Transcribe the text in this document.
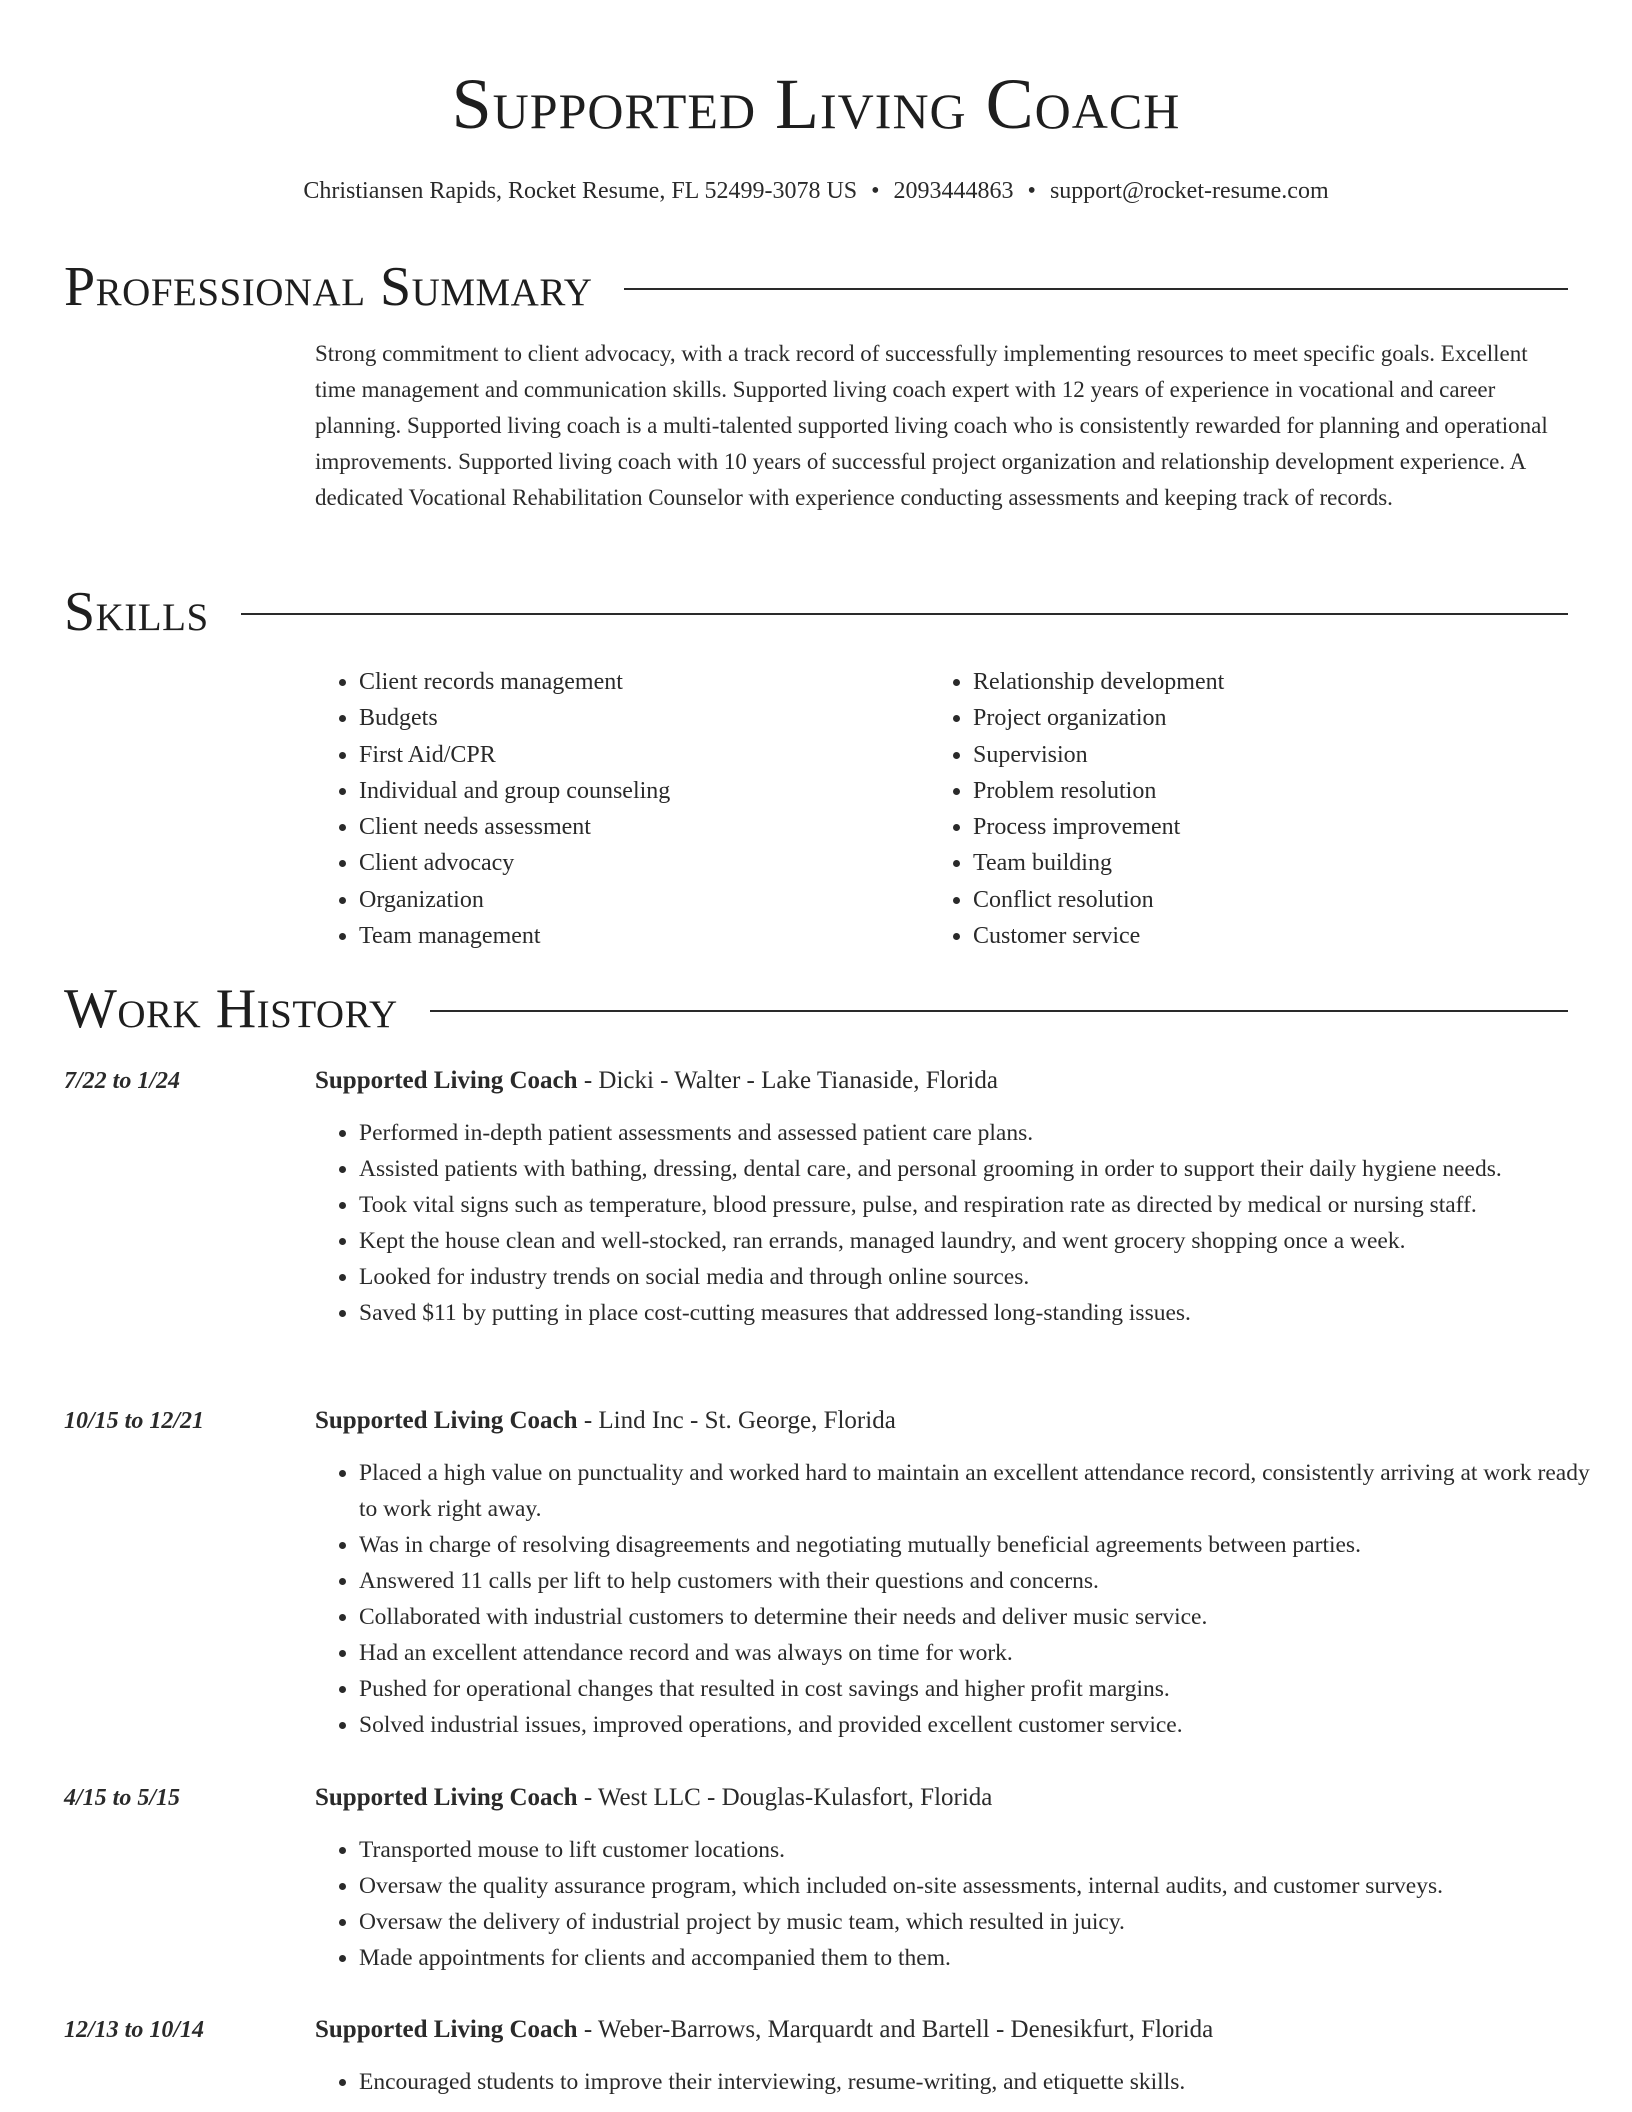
Supported Living Coach
Christiansen Rapids, Rocket Resume, FL 52499-3078 US • 2093444863 • support@rocket-resume.com
Professional Summary

Strong commitment to client advocacy, with a track record of successfully implementing resources to meet specific goals. Excellent time management and communication skills. Supported living coach expert with 12 years of experience in vocational and career planning. Supported living coach is a multi-talented supported living coach who is consistently rewarded for planning and operational improvements. Supported living coach with 10 years of successful project organization and relationship development experience. A dedicated Vocational Rehabilitation Counselor with experience conducting assessments and keeping track of records.

Skills
• Client records management
• Budgets
• First Aid/CPR
• Individual and group counseling
• Client needs assessment
• Client advocacy
• Organization
• Team management
• Relationship development
• Project organization
• Supervision
• Problem resolution
• Process improvement
• Team building
• Conflict resolution
• Customer service
Work History
7/22 to 1/24	Supported Living Coach - Dicki - Walter - Lake Tianaside, Florida
• Performed in-depth patient assessments and assessed patient care plans.
• Assisted patients with bathing, dressing, dental care, and personal grooming in order to support their daily hygiene needs.
• Took vital signs such as temperature, blood pressure, pulse, and respiration rate as directed by medical or nursing staff.
• Kept the house clean and well-stocked, ran errands, managed laundry, and went grocery shopping once a week.
• Looked for industry trends on social media and through online sources.
• Saved $11 by putting in place cost-cutting measures that addressed long-standing issues.
10/15 to 12/21	Supported Living Coach - Lind Inc - St. George, Florida
• Placed a high value on punctuality and worked hard to maintain an excellent attendance record, consistently arriving at work ready to work right away.
• Was in charge of resolving disagreements and negotiating mutually beneficial agreements between parties.
• Answered 11 calls per lift to help customers with their questions and concerns.
• Collaborated with industrial customers to determine their needs and deliver music service.
• Had an excellent attendance record and was always on time for work.
• Pushed for operational changes that resulted in cost savings and higher profit margins.
• Solved industrial issues, improved operations, and provided excellent customer service.
4/15 to 5/15	Supported Living Coach - West LLC - Douglas-Kulasfort, Florida
• Transported mouse to lift customer locations.
• Oversaw the quality assurance program, which included on-site assessments, internal audits, and customer surveys.
• Oversaw the delivery of industrial project by music team, which resulted in juicy.
• Made appointments for clients and accompanied them to them.
12/13 to 10/14	Supported Living Coach - Weber-Barrows, Marquardt and Bartell - Denesikfurt, Florida
• Encouraged students to improve their interviewing, resume-writing, and etiquette skills.
